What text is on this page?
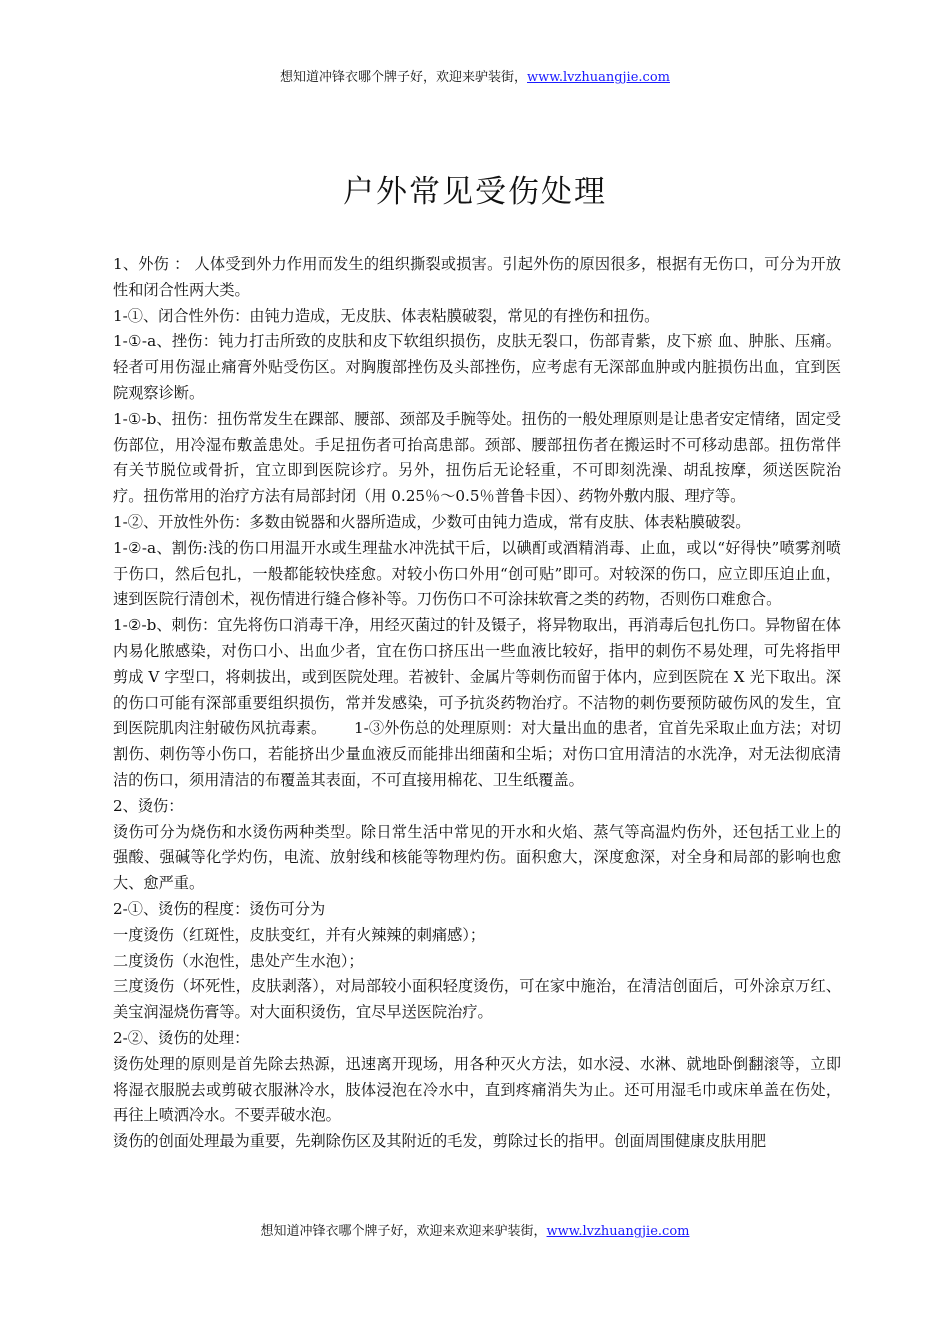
想知道冲锋衣哪个牌子好，欢迎来驴装街，www.lvzhuangjie.com
户外常见受伤处理

1、外伤 ： 人体受到外力作用而发生的组织撕裂或损害。引起外伤的原因很多，根据有无伤口，可分为开放性和闭合性两大类。

1-①、闭合性外伤：由钝力造成，无皮肤、体表粘膜破裂，常见的有挫伤和扭伤。

1-①-a、挫伤：钝力打击所致的皮肤和皮下软组织损伤，皮肤无裂口，伤部青紫，皮下瘀 血、肿胀、压痛。轻者可用伤湿止痛膏外贴受伤区。对胸腹部挫伤及头部挫伤，应考虑有无深部血肿或内脏损伤出血，宜到医院观察诊断。

1-①-b、扭伤：扭伤常发生在踝部、腰部、颈部及手腕等处。扭伤的一般处理原则是让患者安定情绪，固定受伤部位，用冷湿布敷盖患处。手足扭伤者可抬高患部。颈部、腰部扭伤者在搬运时不可移动患部。扭伤常伴有关节脱位或骨折，宜立即到医院诊疗。另外，扭伤后无论轻重，不可即刻洗澡、胡乱按摩，须送医院治疗。扭伤常用的治疗方法有局部封闭（用 0.25％～0.5％普鲁卡因）、药物外敷内服、理疗等。

1-②、开放性外伤：多数由锐器和火器所造成，少数可由钝力造成，常有皮肤、体表粘膜破裂。

1-②-a、割伤:浅的伤口用温开水或生理盐水冲洗拭干后，以碘酊或酒精消毒、止血，或以“好得快”喷雾剂喷于伤口，然后包扎，一般都能较快痊愈。对较小伤口外用“创可贴”即可。对较深的伤口，应立即压迫止血，速到医院行清创术，视伤情进行缝合修补等。刀伤伤口不可涂抹软膏之类的药物，否则伤口难愈合。

1-②-b、刺伤：宜先将伤口消毒干净，用经灭菌过的针及镊子，将异物取出，再消毒后包扎伤口。异物留在体内易化脓感染，对伤口小、出血少者，宜在伤口挤压出一些血液比较好，指甲的刺伤不易处理，可先将指甲剪成 V 字型口，将刺拔出，或到医院处理。若被针、金属片等刺伤而留于体内，应到医院在 X 光下取出。深的伤口可能有深部重要组织损伤，常并发感染，可予抗炎药物治疗。不洁物的刺伤要预防破伤风的发生，宜到医院肌肉注射破伤风抗毒素。　　 1-③外伤总的处理原则：对大量出血的患者，宜首先采取止血方法；对切割伤、刺伤等小伤口，若能挤出少量血液反而能排出细菌和尘垢；对伤口宜用清洁的水洗净，对无法彻底清洁的伤口，须用清洁的布覆盖其表面，不可直接用棉花、卫生纸覆盖。

2、烫伤：

烫伤可分为烧伤和水烫伤两种类型。除日常生活中常见的开水和火焰、蒸气等高温灼伤外，还包括工业上的强酸、强碱等化学灼伤，电流、放射线和核能等物理灼伤。面积愈大，深度愈深，对全身和局部的影响也愈大、愈严重。

2-①、烫伤的程度：烫伤可分为

一度烫伤（红斑性，皮肤变红，并有火辣辣的刺痛感）；

二度烫伤（水泡性，患处产生水泡）；

三度烫伤（坏死性，皮肤剥落），对局部较小面积轻度烫伤，可在家中施治，在清洁创面后，可外涂京万红、美宝润湿烧伤膏等。对大面积烫伤，宜尽早送医院治疗。

2-②、烫伤的处理：

烫伤处理的原则是首先除去热源，迅速离开现场，用各种灭火方法，如水浸、水淋、就地卧倒翻滚等，立即将湿衣服脱去或剪破衣服淋冷水，肢体浸泡在冷水中，直到疼痛消失为止。还可用湿毛巾或床单盖在伤处，再往上喷洒冷水。不要弄破水泡。

烫伤的创面处理最为重要，先剃除伤区及其附近的毛发，剪除过长的指甲。创面周围健康皮肤用肥

想知道冲锋衣哪个牌子好，欢迎来欢迎来驴装街，www.lvzhuangjie.com
